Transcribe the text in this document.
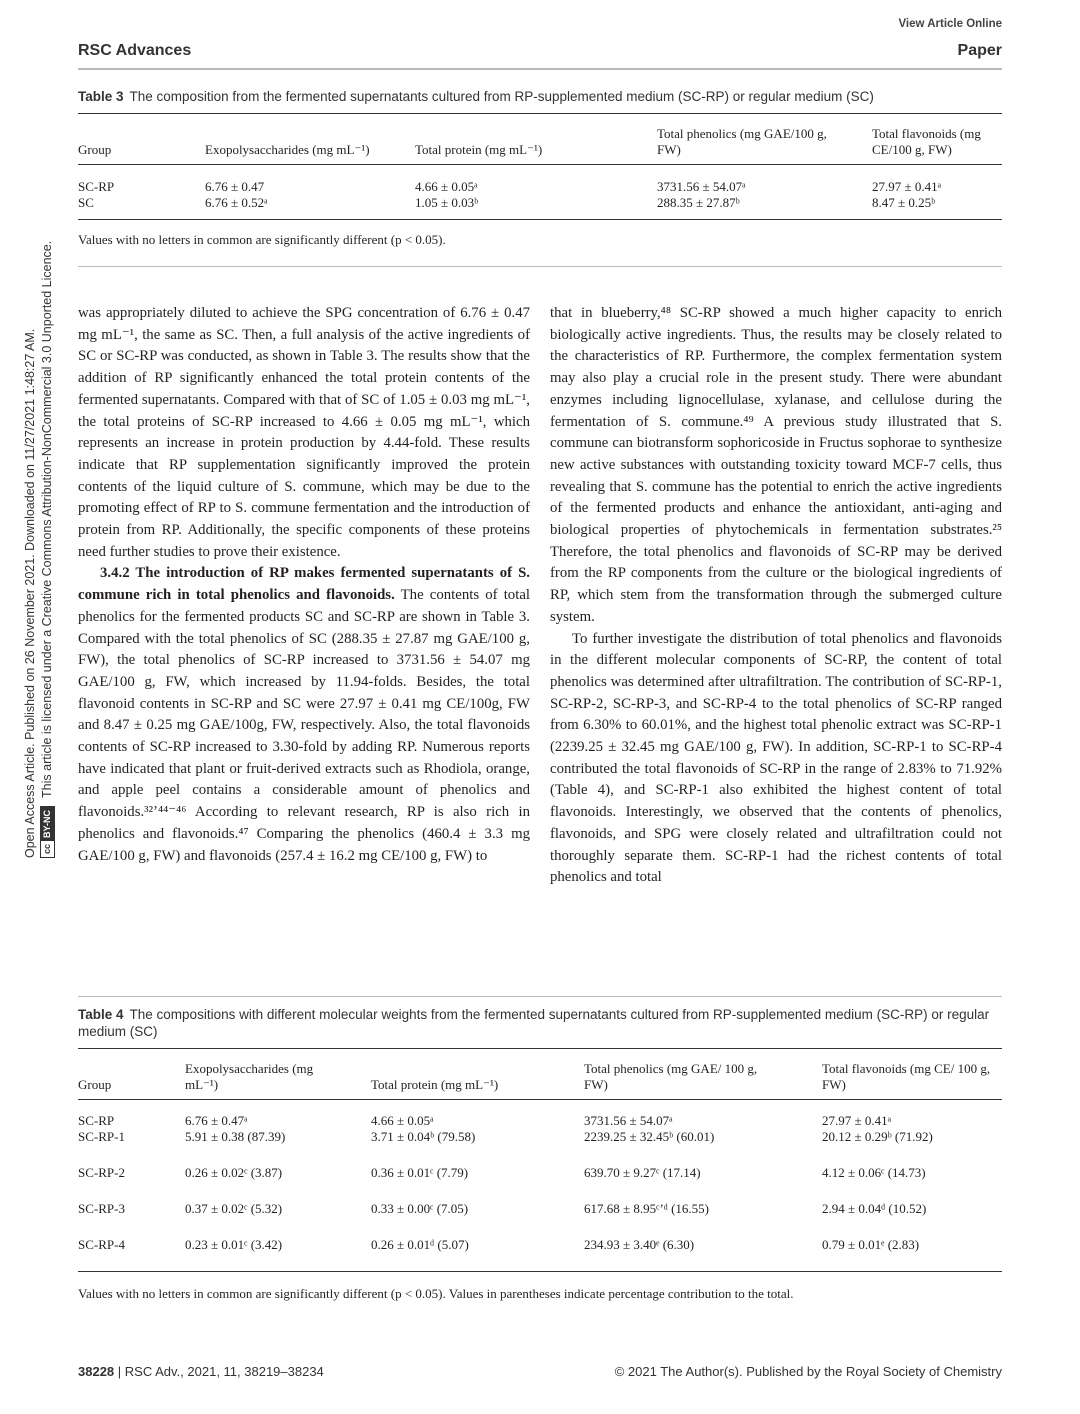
View Article Online
RSC Advances	Paper
Open Access Article. Published on 26 November 2021. Downloaded on 11/27/2021 1:48:27 AM. cc
BY-NC
This article is licensed under a Creative Commons Attribution-NonCommercial 3.0 Unported Licence.
Table 3 The composition from the fermented supernatants cultured from RP-supplemented medium (SC-RP) or regular medium (SC)
Group	Exopolysaccharides (mg mL⁻¹)	Total protein (mg mL⁻¹)	Total phenolics (mg GAE/100 g, FW)	Total flavonoids (mg CE/100 g, FW)
SC-RP	6.76 ± 0.47	4.66 ± 0.05ᵃ	3731.56 ± 54.07ᵃ	27.97 ± 0.41ᵃ
SC	6.76 ± 0.52ᵃ	1.05 ± 0.03ᵇ	288.35 ± 27.87ᵇ	8.47 ± 0.25ᵇ
Values with no letters in common are significantly different (p < 0.05).

was appropriately diluted to achieve the SPG concentration of 6.76 ± 0.47 mg mL⁻¹, the same as SC. Then, a full analysis of the active ingredients of SC or SC-RP was conducted, as shown in Table 3. The results show that the addition of RP significantly enhanced the total protein contents of the fermented supernatants. Compared with that of SC of 1.05 ± 0.03 mg mL⁻¹, the total proteins of SC-RP increased to 4.66 ± 0.05 mg mL⁻¹, which represents an increase in protein production by 4.44-fold. These results indicate that RP supplementation significantly improved the protein contents of the liquid culture of S. commune, which may be due to the promoting effect of RP to S. commune fermentation and the introduction of protein from RP. Additionally, the specific components of these proteins need further studies to prove their existence.

3.4.2 The introduction of RP makes fermented supernatants of S. commune rich in total phenolics and flavonoids. The contents of total phenolics for the fermented products SC and SC-RP are shown in Table 3. Compared with the total phenolics of SC (288.35 ± 27.87 mg GAE/100 g, FW), the total phenolics of SC-RP increased to 3731.56 ± 54.07 mg GAE/100 g, FW, which increased by 11.94-folds. Besides, the total flavonoid contents in SC-RP and SC were 27.97 ± 0.41 mg CE/100g, FW and 8.47 ± 0.25 mg GAE/100g, FW, respectively. Also, the total flavonoids contents of SC-RP increased to 3.30-fold by adding RP. Numerous reports have indicated that plant or fruit-derived extracts such as Rhodiola, orange, and apple peel contains a considerable amount of phenolics and flavonoids.³²ʼ⁴⁴⁻⁴⁶ According to relevant research, RP is also rich in phenolics and flavonoids.⁴⁷ Comparing the phenolics (460.4 ± 3.3 mg GAE/100 g, FW) and flavonoids (257.4 ± 16.2 mg CE/100 g, FW) to

that in blueberry,⁴⁸ SC-RP showed a much higher capacity to enrich biologically active ingredients. Thus, the results may be closely related to the characteristics of RP. Furthermore, the complex fermentation system may also play a crucial role in the present study. There were abundant enzymes including lignocellulase, xylanase, and cellulose during the fermentation of S. commune.⁴⁹ A previous study illustrated that S. commune can biotransform sophoricoside in Fructus sophorae to synthesize new active substances with outstanding toxicity toward MCF-7 cells, thus revealing that S. commune has the potential to enrich the active ingredients of the fermented products and enhance the antioxidant, anti-aging and biological properties of phytochemicals in fermentation substrates.²⁵ Therefore, the total phenolics and flavonoids of SC-RP may be derived from the RP components from the culture or the biological ingredients of RP, which stem from the transformation through the submerged culture system.

To further investigate the distribution of total phenolics and flavonoids in the different molecular components of SC-RP, the content of total phenolics was determined after ultrafiltration. The contribution of SC-RP-1, SC-RP-2, SC-RP-3, and SC-RP-4 to the total phenolics of SC-RP ranged from 6.30% to 60.01%, and the highest total phenolic extract was SC-RP-1 (2239.25 ± 32.45 mg GAE/100 g, FW). In addition, SC-RP-1 to SC-RP-4 contributed the total flavonoids of SC-RP in the range of 2.83% to 71.92% (Table 4), and SC-RP-1 also exhibited the highest content of total flavonoids. Interestingly, we observed that the contents of phenolics, flavonoids, and SPG were closely related and ultrafiltration could not thoroughly separate them. SC-RP-1 had the richest contents of total phenolics and total

Table 4 The compositions with different molecular weights from the fermented supernatants cultured from RP-supplemented medium (SC-RP) or regular medium (SC)
Group	Exopolysaccharides (mg mL⁻¹)	Total protein (mg mL⁻¹)	Total phenolics (mg GAE/ 100 g, FW)	Total flavonoids (mg CE/ 100 g, FW)
SC-RP	6.76 ± 0.47ᵃ	4.66 ± 0.05ᵃ	3731.56 ± 54.07ᵃ	27.97 ± 0.41ᵃ

SC-RP-1	5.91 ± 0.38 (87.39)	3.71 ± 0.04ᵇ (79.58)	2239.25 ± 32.45ᵇ (60.01)	20.12 ± 0.29ᵇ (71.92)

SC-RP-2	0.26 ± 0.02ᶜ (3.87)	0.36 ± 0.01ᶜ (7.79)	639.70 ± 9.27ᶜ (17.14)	4.12 ± 0.06ᶜ (14.73)

SC-RP-3	0.37 ± 0.02ᶜ (5.32)	0.33 ± 0.00ᶜ (7.05)	617.68 ± 8.95ᶜʼᵈ (16.55)	2.94 ± 0.04ᵈ (10.52)

SC-RP-4	0.23 ± 0.01ᶜ (3.42)	0.26 ± 0.01ᵈ (5.07)	234.93 ± 3.40ᵉ (6.30)	0.79 ± 0.01ᵉ (2.83)
Values with no letters in common are significantly different (p < 0.05). Values in parentheses indicate percentage contribution to the total.
38228 | RSC Adv., 2021, 11, 38219–38234	© 2021 The Author(s). Published by the Royal Society of Chemistry
